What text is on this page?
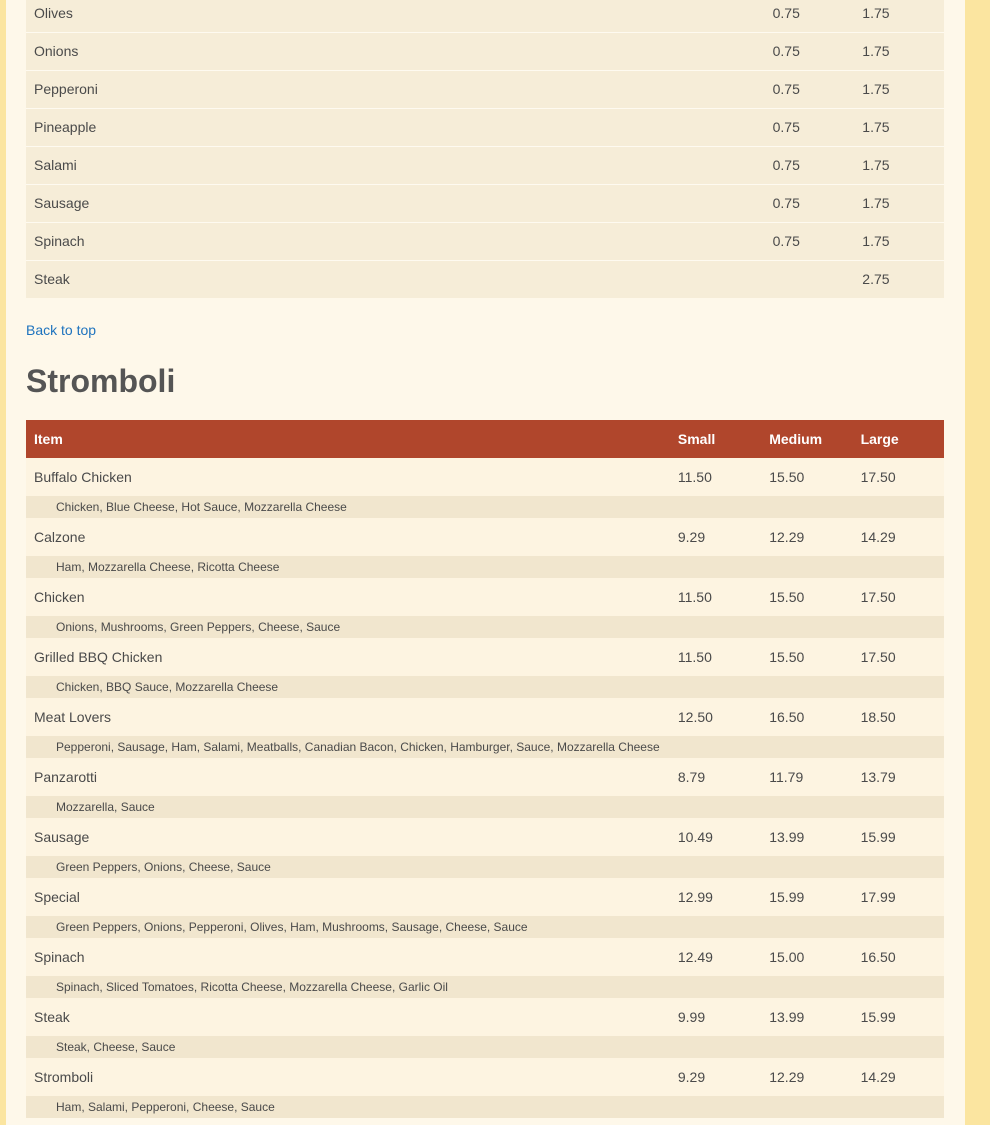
Olives	0.75	1.75
Onions	0.75	1.75
Pepperoni	0.75	1.75
Pineapple	0.75	1.75
Salami	0.75	1.75
Sausage	0.75	1.75
Spinach	0.75	1.75
Steak		2.75
Back to top
Stromboli
Item	Small	Medium	Large
Buffalo Chicken	11.50	15.50	17.50
Chicken, Blue Cheese, Hot Sauce, Mozzarella Cheese			
Calzone	9.29	12.29	14.29
Ham, Mozzarella Cheese, Ricotta Cheese			
Chicken	11.50	15.50	17.50
Onions, Mushrooms, Green Peppers, Cheese, Sauce			
Grilled BBQ Chicken	11.50	15.50	17.50
Chicken, BBQ Sauce, Mozzarella Cheese			
Meat Lovers	12.50	16.50	18.50
Pepperoni, Sausage, Ham, Salami, Meatballs, Canadian Bacon, Chicken, Hamburger, Sauce, Mozzarella Cheese			
Panzarotti	8.79	11.79	13.79
Mozzarella, Sauce			
Sausage	10.49	13.99	15.99
Green Peppers, Onions, Cheese, Sauce			
Special	12.99	15.99	17.99
Green Peppers, Onions, Pepperoni, Olives, Ham, Mushrooms, Sausage, Cheese, Sauce			
Spinach	12.49	15.00	16.50
Spinach, Sliced Tomatoes, Ricotta Cheese, Mozzarella Cheese, Garlic Oil			
Steak	9.99	13.99	15.99
Steak, Cheese, Sauce			
Stromboli	9.29	12.29	14.29
Ham, Salami, Pepperoni, Cheese, Sauce			
